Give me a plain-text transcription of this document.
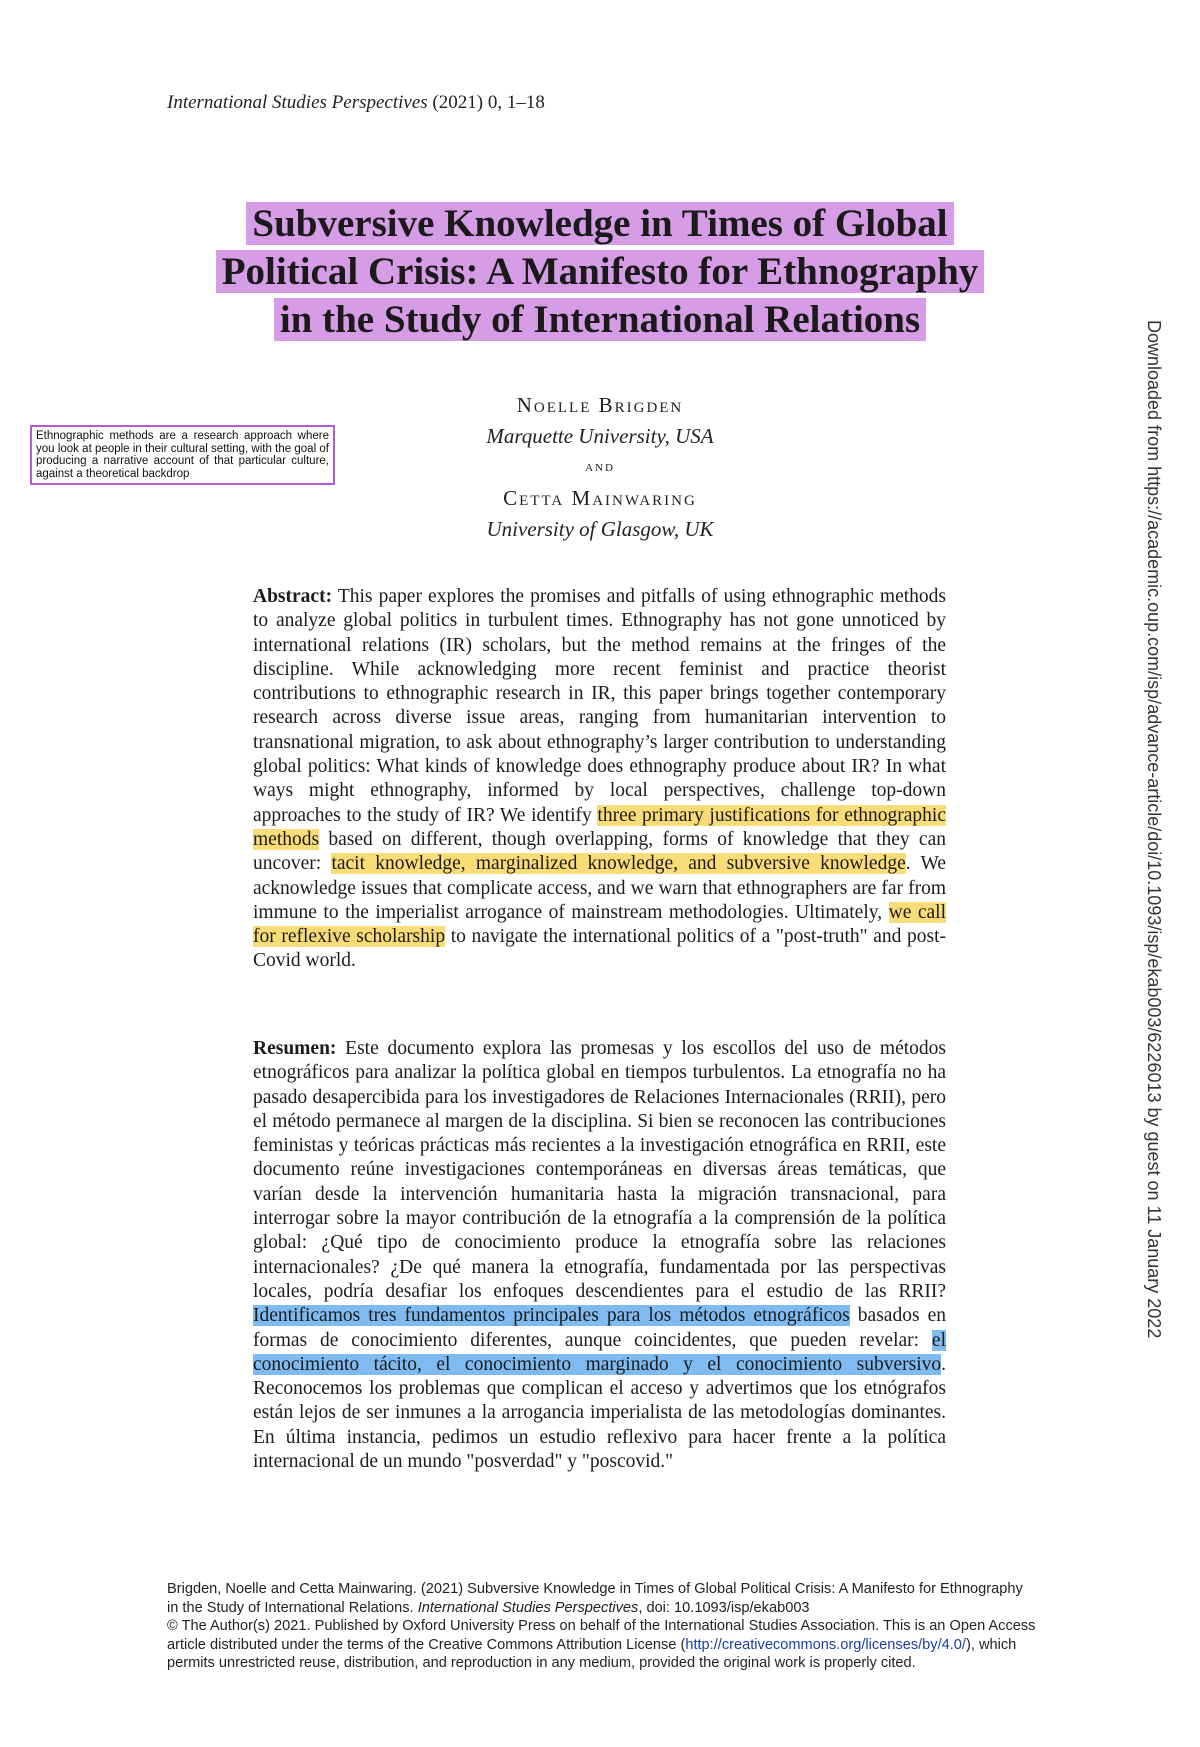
International Studies Perspectives (2021) 0, 1–18
Subversive Knowledge in Times of Global
Political Crisis: A Manifesto for Ethnography
in the Study of International Relations
Ethnographic methods are a research approach where you look at people in their cultural setting, with the goal of producing a narrative account of that particular culture, against a theoretical backdrop
Noelle Brigden
Marquette University, USA
and
Cetta Mainwaring
University of Glasgow, UK	Downloaded from https://academic.oup.com/isp/advance-article/doi/10.1093/isp/ekab003/6226013 by guest on 11 January 2022
Abstract: This paper explores the promises and pitfalls of using ethnographic methods to analyze global politics in turbulent times. Ethnography has not gone unnoticed by international relations (IR) scholars, but the method remains at the fringes of the discipline. While acknowledging more recent feminist and practice theorist contributions to ethnographic research in IR, this paper brings together contemporary research across diverse issue areas, ranging from humanitarian intervention to transnational migration, to ask about ethnography’s larger contribution to understanding global politics: What kinds of knowledge does ethnography produce about IR? In what ways might ethnography, informed by local perspectives, challenge top-down approaches to the study of IR? We identify three primary justifications for ethnographic methods based on different, though overlapping, forms of knowledge that they can uncover: tacit knowledge, marginalized knowledge, and subversive knowledge. We acknowledge issues that complicate access, and we warn that ethnographers are far from immune to the imperialist arrogance of mainstream methodologies. Ultimately, we call for reflexive scholarship to navigate the international politics of a "post-truth" and post-Covid world.
Resumen: Este documento explora las promesas y los escollos del uso de métodos etnográficos para analizar la política global en tiempos turbulentos. La etnografía no ha pasado desapercibida para los investigadores de Relaciones Internacionales (RRII), pero el método permanece al margen de la disciplina. Si bien se reconocen las contribuciones feministas y teóricas prácticas más recientes a la investigación etnográfica en RRII, este documento reúne investigaciones contemporáneas en diversas áreas temáticas, que varían desde la intervención humanitaria hasta la migración transnacional, para interrogar sobre la mayor contribución de la etnografía a la comprensión de la política global: ¿Qué tipo de conocimiento produce la etnografía sobre las relaciones internacionales? ¿De qué manera la etnografía, fundamentada por las perspectivas locales, podría desafiar los enfoques descendientes para el estudio de las RRII? Identificamos tres fundamentos principales para los métodos etnográficos basados en formas de conocimiento diferentes, aunque coincidentes, que pueden revelar: el conocimiento tácito, el conocimiento marginado y el conocimiento subversivo. Reconocemos los problemas que complican el acceso y advertimos que los etnógrafos están lejos de ser inmunes a la arrogancia imperialista de las metodologías dominantes. En última instancia, pedimos un estudio reflexivo para hacer frente a la política internacional de un mundo "posverdad" y "poscovid."
Brigden, Noelle and Cetta Mainwaring. (2021) Subversive Knowledge in Times of Global Political Crisis: A Manifesto for Ethnography in the Study of International Relations. International Studies Perspectives, doi: 10.1093/isp/ekab003
© The Author(s) 2021. Published by Oxford University Press on behalf of the International Studies Association. This is an Open Access article distributed under the terms of the Creative Commons Attribution License (http://creativecommons.org/licenses/by/4.0/), which permits unrestricted reuse, distribution, and reproduction in any medium, provided the original work is properly cited.
